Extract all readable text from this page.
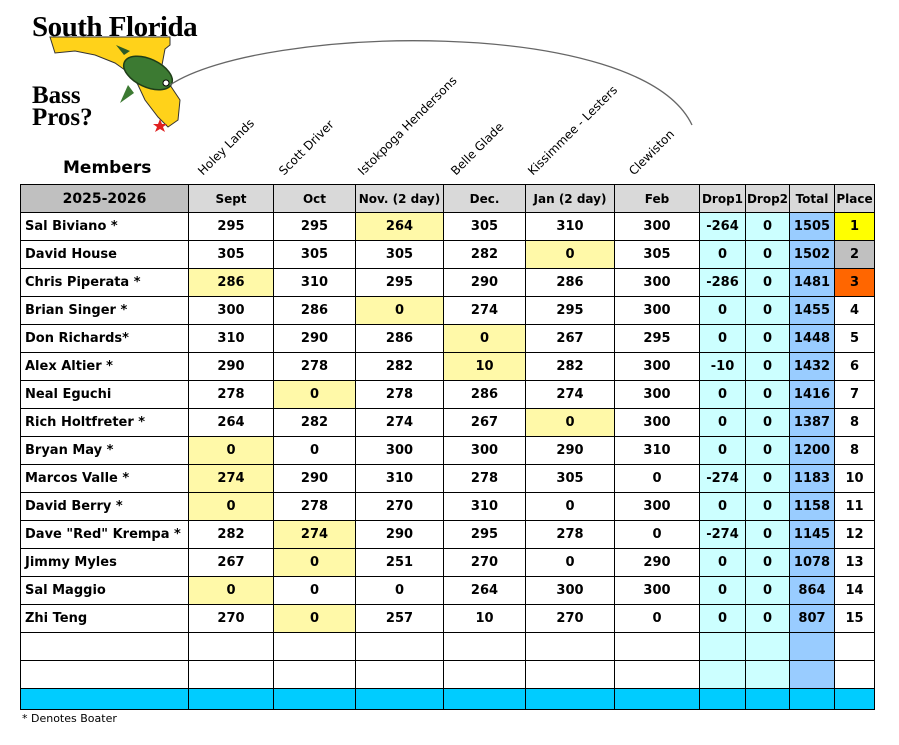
South Florida
Bass
Pros?
Members	Holey Lands Scott Driver Istokpoga Hendersons
Belle Glade Kissimmee - Lesters Clewiston
2025-2026	Sept	Oct	Nov. (2 day)	Dec.	Jan (2 day)	Feb	Drop1	Drop2	Total	Place
Sal Biviano *	295	295	264	305	310	300	-264	0	1505	1
David House	305	305	305	282	0	305	0	0	1502	2
Chris Piperata *	286	310	295	290	286	300	-286	0	1481	3
Brian Singer *	300	286	0	274	295	300	0	0	1455	4
Don Richards*	310	290	286	0	267	295	0	0	1448	5
Alex Altier *	290	278	282	10	282	300	-10	0	1432	6
Neal Eguchi	278	0	278	286	274	300	0	0	1416	7
Rich Holtfreter *	264	282	274	267	0	300	0	0	1387	8
Bryan May *	0	0	300	300	290	310	0	0	1200	8
Marcos Valle *	274	290	310	278	305	0	-274	0	1183	10
David Berry *	0	278	270	310	0	300	0	0	1158	11
Dave "Red" Krempa *	282	274	290	295	278	0	-274	0	1145	12
Jimmy Myles	267	0	251	270	0	290	0	0	1078	13
Sal Maggio	0	0	0	264	300	300	0	0	864	14
Zhi Teng	270	0	257	10	270	0	0	0	807	15

* Denotes Boater
